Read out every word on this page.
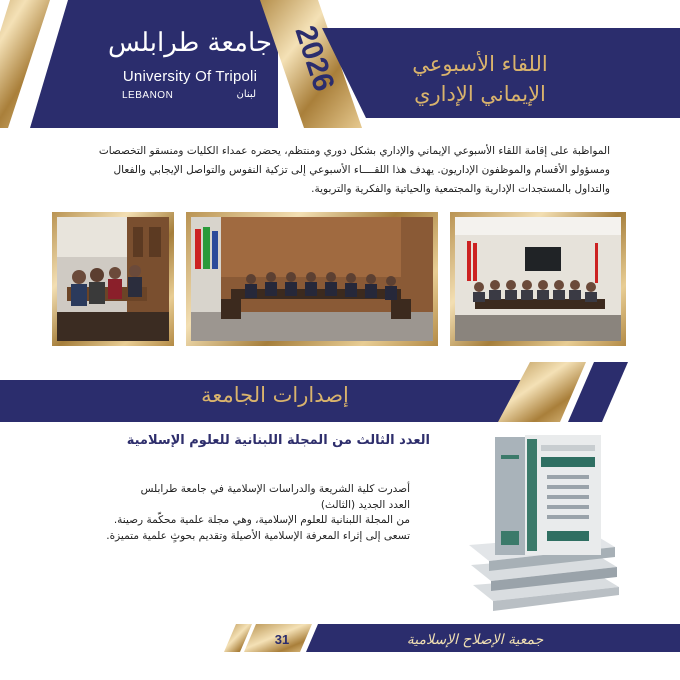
جامعة طرابلس
University Of Tripoli
LEBANON	لبنان 2026	اللقاء الأسبوعي
الإيماني الإداري
المواظبة على إقامة اللقاء الأسبوعي الإيماني والإداري بشكل دوري ومنتظم، يحضره عمداء الكليات ومنسقو التخصصات
ومسؤولو الأقسام والموظفون الإداريون. يهدف هذا اللقــــاء الأسبوعي إلى تزكية النفوس والتواصل الإيجابي والفعال
والتداول بالمستجدات الإدارية والمجتمعية والحياتية والفكرية والتربوية.
إصدارات الجامعة
العدد الثالث من المجلة اللبنانية للعلوم الإسلامية
أصدرت كلية الشريعة والدراسات الإسلامية في جامعة طرابلس
العدد الجديد (الثالث)
من المجلة اللبنانية للعلوم الإسلامية، وهي مجلة علمية محكّمة رصينة.
تسعى إلى إثراء المعرفة الإسلامية الأصيلة وتقديم بحوثٍ علمية متميزة.
31	جمعية الإصلاح الإسلامية
